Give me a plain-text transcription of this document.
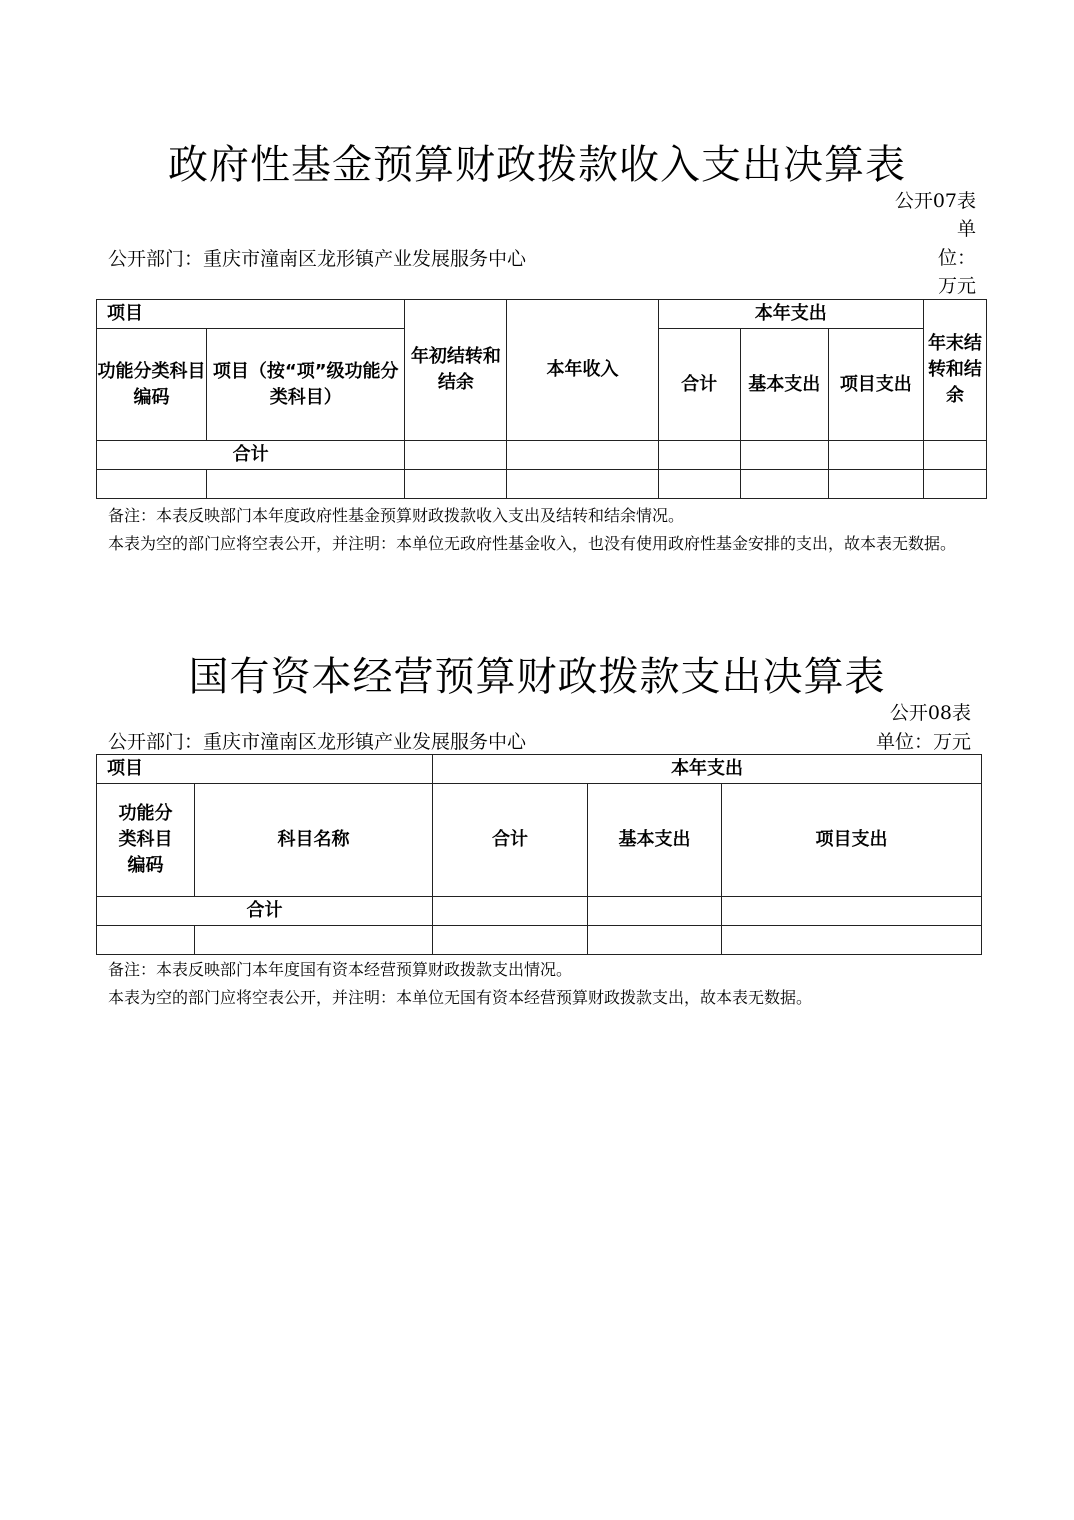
政府性基金预算财政拨款收入支出决算表
公开07表
单
位：
万元
公开部门：重庆市潼南区龙形镇产业发展服务中心
项目		年初结转和结余	本年收入	本年支出			年末结转和结余
功能分类科目编码	项目（按“项”级功能分类科目）			合计	基本支出	项目支出	
合计							

备注：本表反映部门本年度政府性基金预算财政拨款收入支出及结转和结余情况。
本表为空的部门应将空表公开，并注明：本单位无政府性基金收入，也没有使用政府性基金安排的支出，故本表无数据。
国有资本经营预算财政拨款支出决算表
公开08表
单位：万元
公开部门：重庆市潼南区龙形镇产业发展服务中心
项目		本年支出		
功能分类科目编码	科目名称	合计	基本支出	项目支出
合计				

备注：本表反映部门本年度国有资本经营预算财政拨款支出情况。
本表为空的部门应将空表公开，并注明：本单位无国有资本经营预算财政拨款支出，故本表无数据。
